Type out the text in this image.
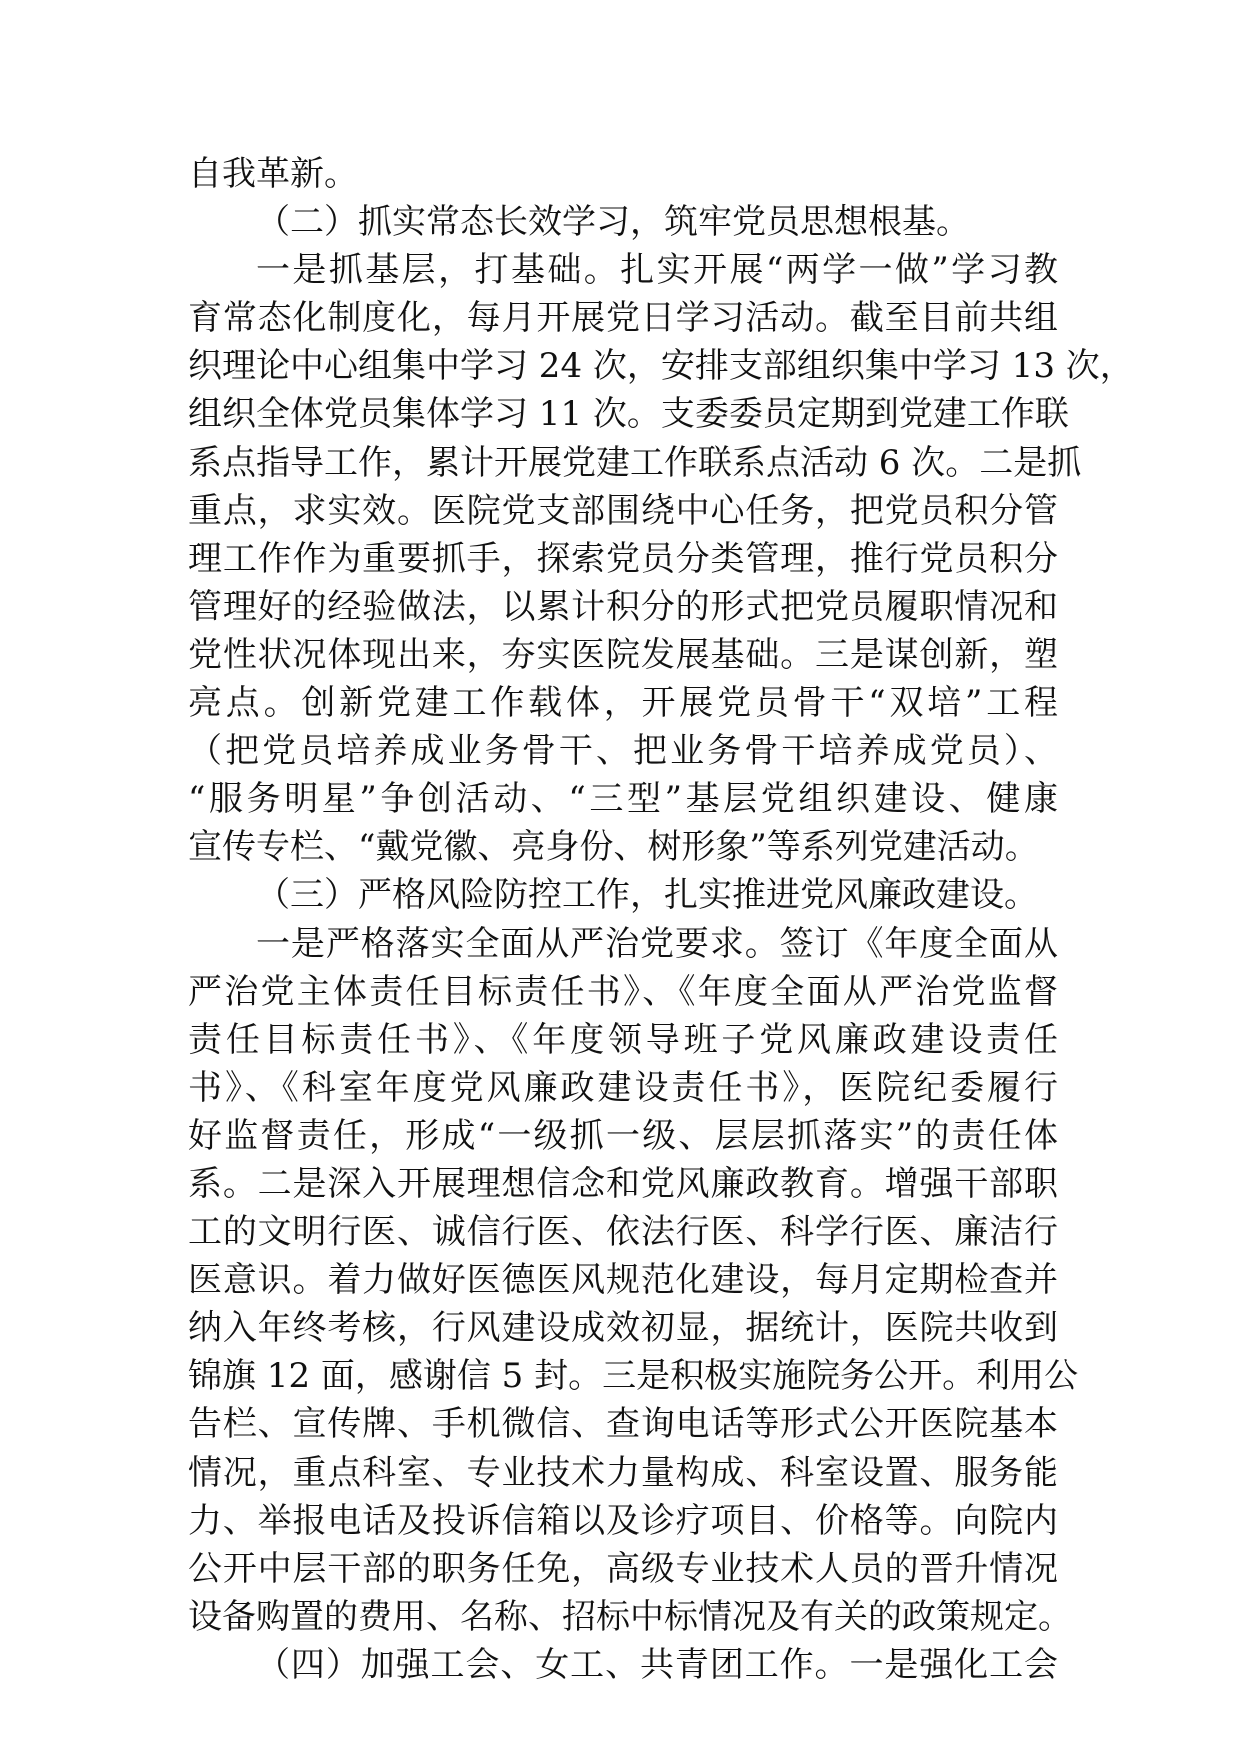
自我革新。
（二）抓实常态长效学习，筑牢党员思想根基。
一是抓基层，打基础。扎实开展“两学一做”学习教
育常态化制度化，每月开展党日学习活动。截至目前共组
织理论中心组集中学习 24 次，安排支部组织集中学习 13 次，
组织全体党员集体学习 11 次。支委委员定期到党建工作联
系点指导工作，累计开展党建工作联系点活动 6 次。二是抓
重点，求实效。医院党支部围绕中心任务，把党员积分管
理工作作为重要抓手，探索党员分类管理，推行党员积分
管理好的经验做法，以累计积分的形式把党员履职情况和
党性状况体现出来，夯实医院发展基础。三是谋创新，塑
亮点。创新党建工作载体，开展党员骨干“双培”工程
（把党员培养成业务骨干、把业务骨干培养成党员）、
“服务明星”争创活动、“三型”基层党组织建设、健康
宣传专栏、“戴党徽、亮身份、树形象”等系列党建活动。
（三）严格风险防控工作，扎实推进党风廉政建设。
一是严格落实全面从严治党要求。签订《年度全面从
严治党主体责任目标责任书》、《年度全面从严治党监督
责任目标责任书》、《年度领导班子党风廉政建设责任
书》、《科室年度党风廉政建设责任书》，医院纪委履行
好监督责任，形成“一级抓一级、层层抓落实”的责任体
系。二是深入开展理想信念和党风廉政教育。增强干部职
工的文明行医、诚信行医、依法行医、科学行医、廉洁行
医意识。着力做好医德医风规范化建设，每月定期检查并
纳入年终考核，行风建设成效初显，据统计，医院共收到
锦旗 12 面，感谢信 5 封。三是积极实施院务公开。利用公
告栏、宣传牌、手机微信、查询电话等形式公开医院基本
情况，重点科室、专业技术力量构成、科室设置、服务能
力、举报电话及投诉信箱以及诊疗项目、价格等。向院内
公开中层干部的职务任免，高级专业技术人员的晋升情况
设备购置的费用、名称、招标中标情况及有关的政策规定。
（四）加强工会、女工、共青团工作。一是强化工会
